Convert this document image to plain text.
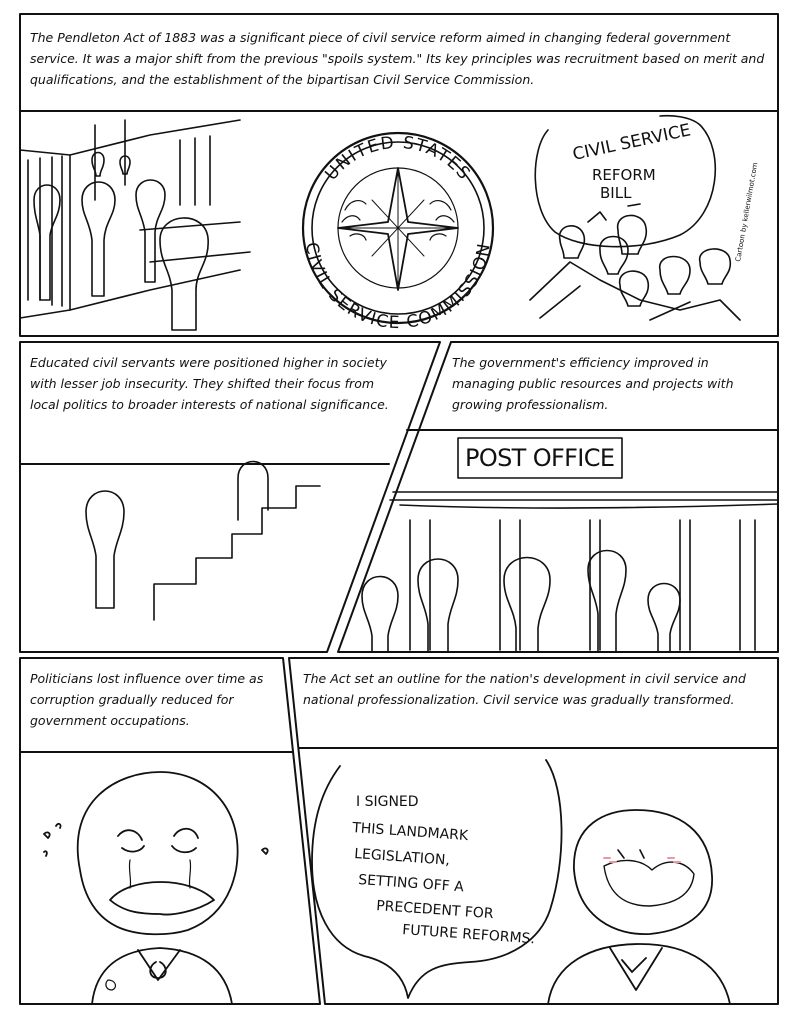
UNITED STATES
CIVIL SERVICE COMMISSION
CIVIL SERVICE
REFORM
BILL	Cartoon by kellerwilmot.com
POST OFFICE
I SIGNED
THIS LANDMARK
LEGISLATION,
SETTING OFF A
PRECEDENT FOR
FUTURE REFORMS.

The Pendleton Act of 1883 was a significant piece of civil service reform aimed in changing federal government service. It was a major shift from the previous "spoils system." Its key principles was recruitment based on merit and qualifications, and the establishment of the bipartisan Civil Service Commission.

Educated civil servants were positioned higher in society with lesser job insecurity. They shifted their focus from local politics to broader interests of national significance.

The government's efficiency improved in managing public resources and projects with growing professionalism.

Politicians lost influence over time as corruption gradually reduced for government occupations.

The Act set an outline for the nation's development in civil service and national professionalization. Civil service was gradually transformed.
